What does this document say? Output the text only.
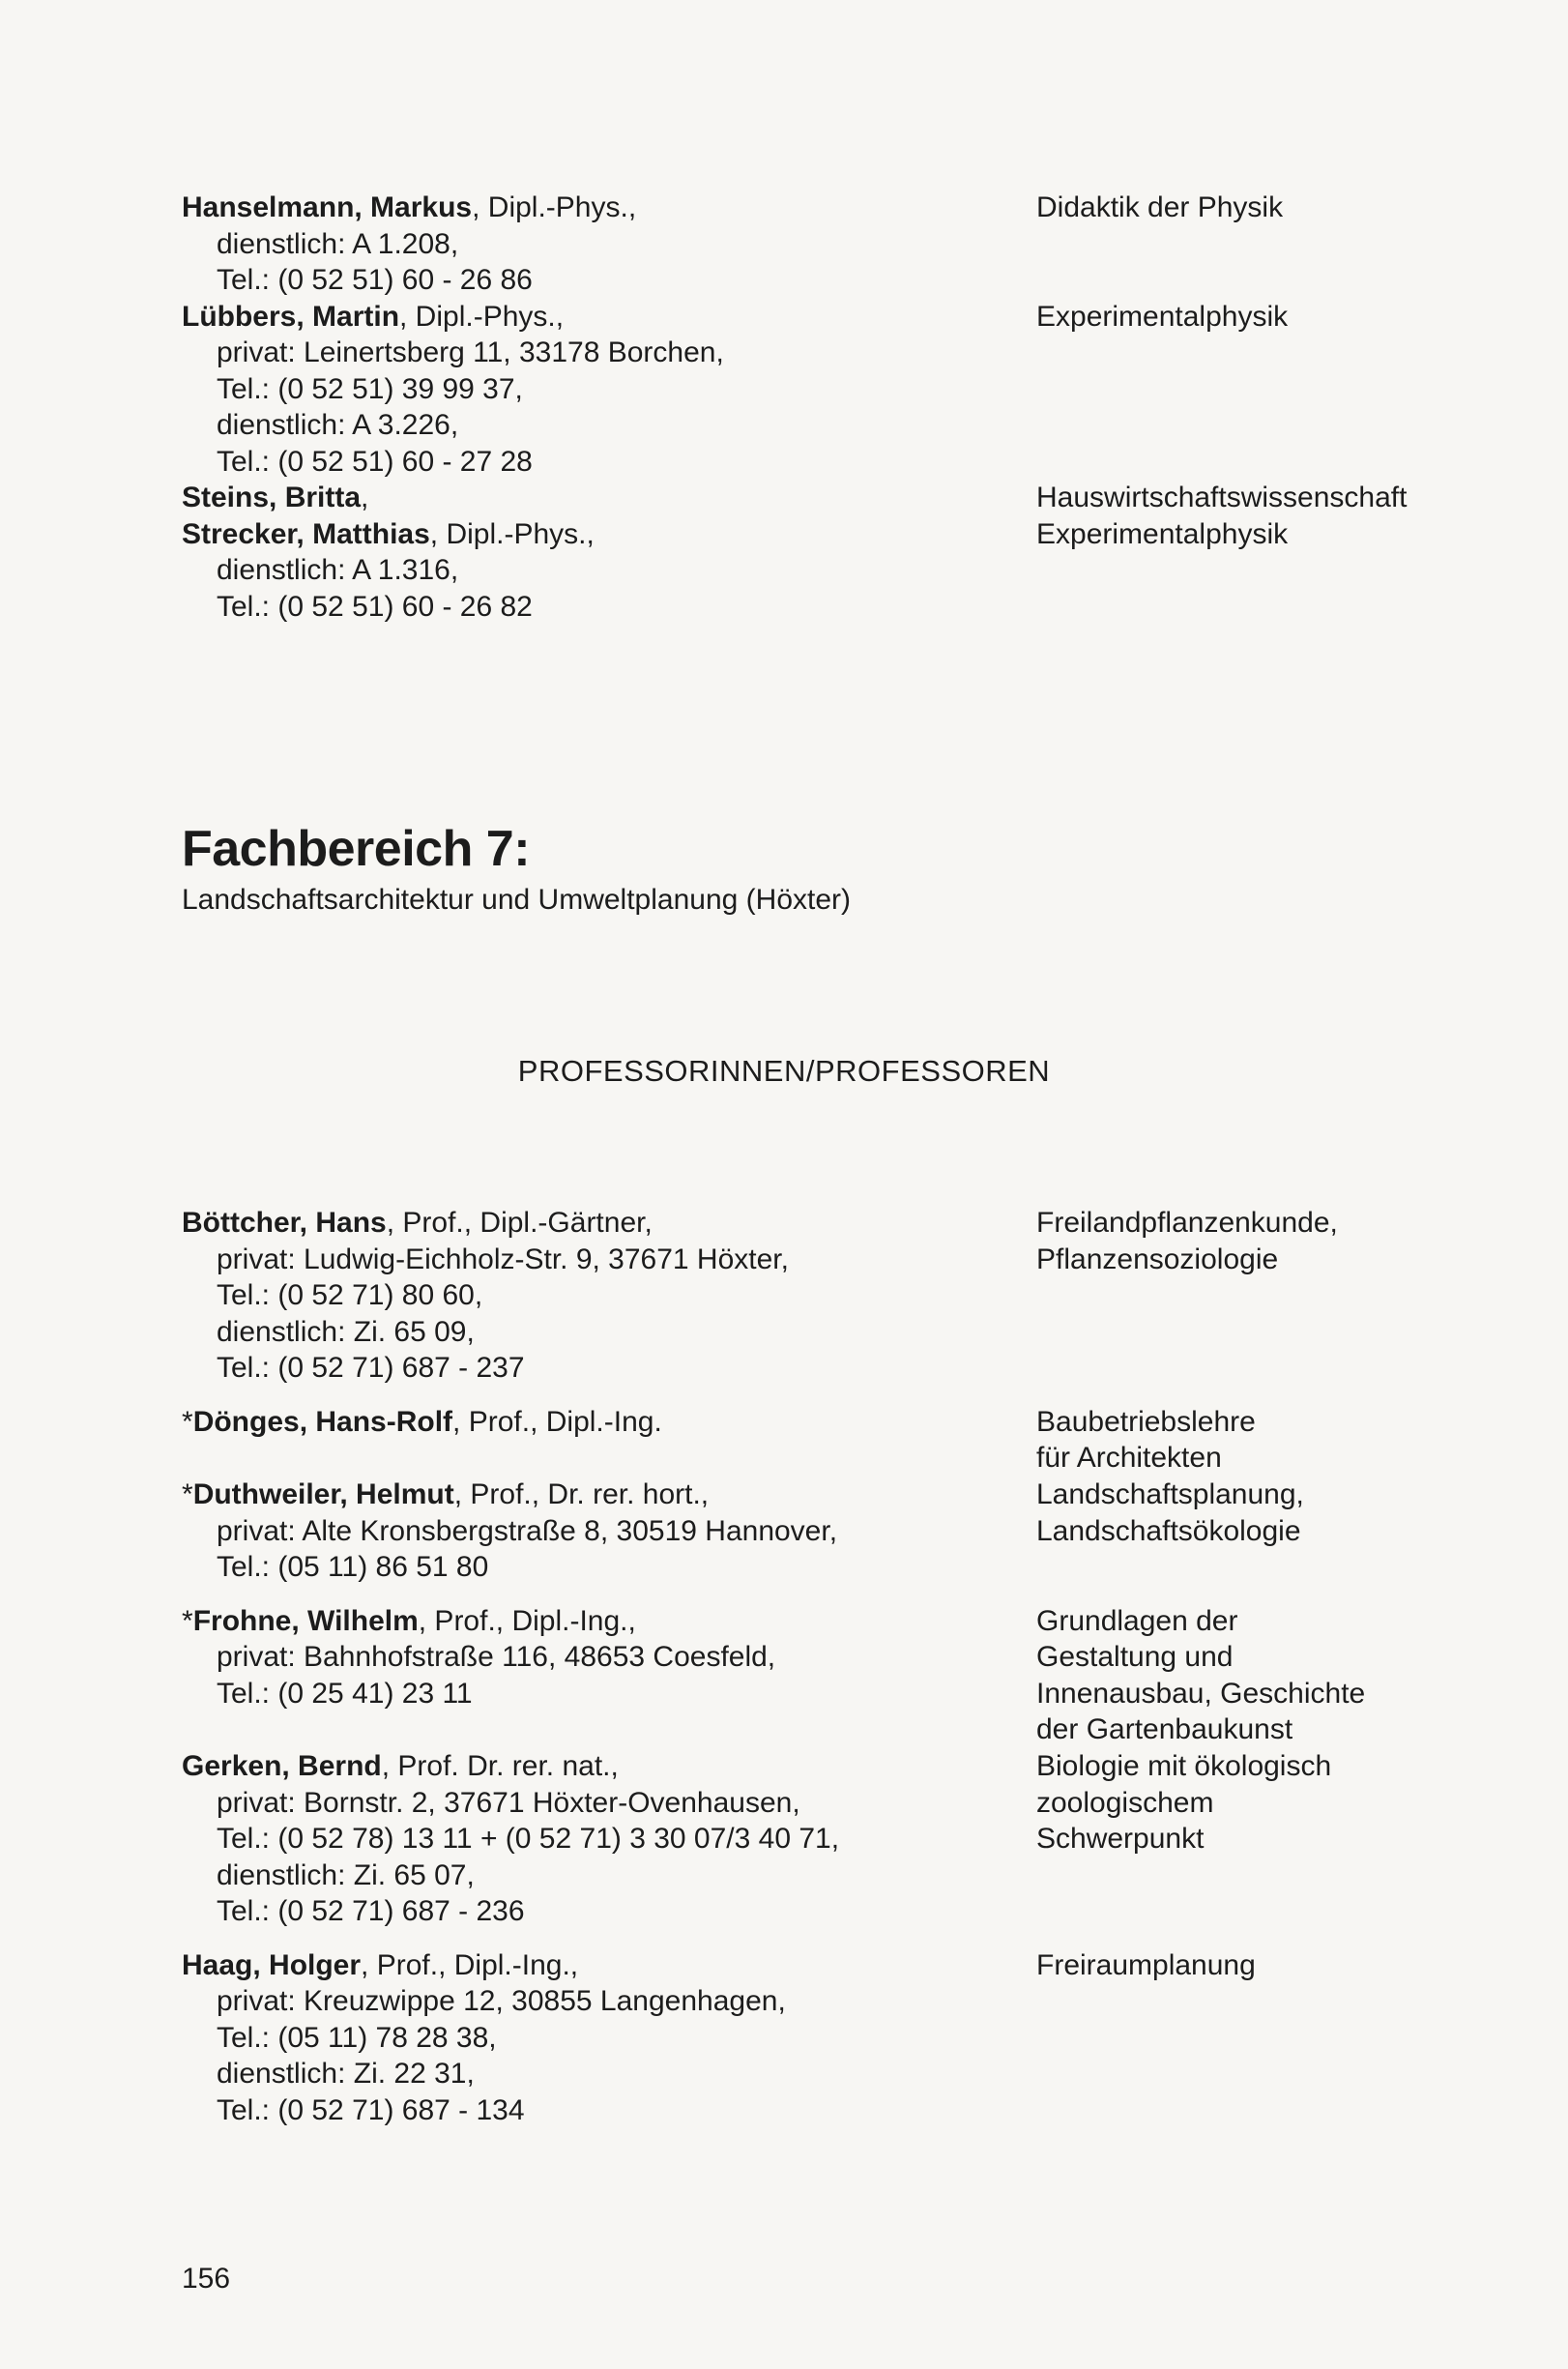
Hanselmann, Markus, Dipl.-Phys.,
dienstlich: A 1.208,
Tel.: (0 52 51) 60 - 26 86
Didaktik der Physik
Lübbers, Martin, Dipl.-Phys.,
privat: Leinertsberg 11, 33178 Borchen,
Tel.: (0 52 51) 39 99 37,
dienstlich: A 3.226,
Tel.: (0 52 51) 60 - 27 28
Experimentalphysik
Steins, Britta,	Hauswirtschaftswissenschaft
Strecker, Matthias, Dipl.-Phys.,
dienstlich: A 1.316,
Tel.: (0 52 51) 60 - 26 82
Experimentalphysik
Fachbereich 7:
Landschaftsarchitektur und Umweltplanung (Höxter)
PROFESSORINNEN/PROFESSOREN
Böttcher, Hans, Prof., Dipl.-Gärtner,
privat: Ludwig-Eichholz-Str. 9, 37671 Höxter,
Tel.: (0 52 71) 80 60,
dienstlich: Zi. 65 09,
Tel.: (0 52 71) 687 - 237
Freilandpflanzenkunde,
Pflanzensoziologie
*Dönges, Hans-Rolf, Prof., Dipl.-Ing.	Baubetriebslehre
für Architekten
*Duthweiler, Helmut, Prof., Dr. rer. hort.,
privat: Alte Kronsbergstraße 8, 30519 Hannover,
Tel.: (05 11) 86 51 80
Landschaftsplanung,
Landschaftsökologie
*Frohne, Wilhelm, Prof., Dipl.-Ing.,
privat: Bahnhofstraße 116, 48653 Coesfeld,
Tel.: (0 25 41) 23 11
Grundlagen der
Gestaltung und
Innenausbau, Geschichte
der Gartenbaukunst
Gerken, Bernd, Prof. Dr. rer. nat.,
privat: Bornstr. 2, 37671 Höxter-Ovenhausen,
Tel.: (0 52 78) 13 11 + (0 52 71) 3 30 07/3 40 71,
dienstlich: Zi. 65 07,
Tel.: (0 52 71) 687 - 236
Biologie mit ökologisch
zoologischem
Schwerpunkt
Haag, Holger, Prof., Dipl.-Ing.,
privat: Kreuzwippe 12, 30855 Langenhagen,
Tel.: (05 11) 78 28 38,
dienstlich: Zi. 22 31,
Tel.: (0 52 71) 687 - 134
Freiraumplanung
156
